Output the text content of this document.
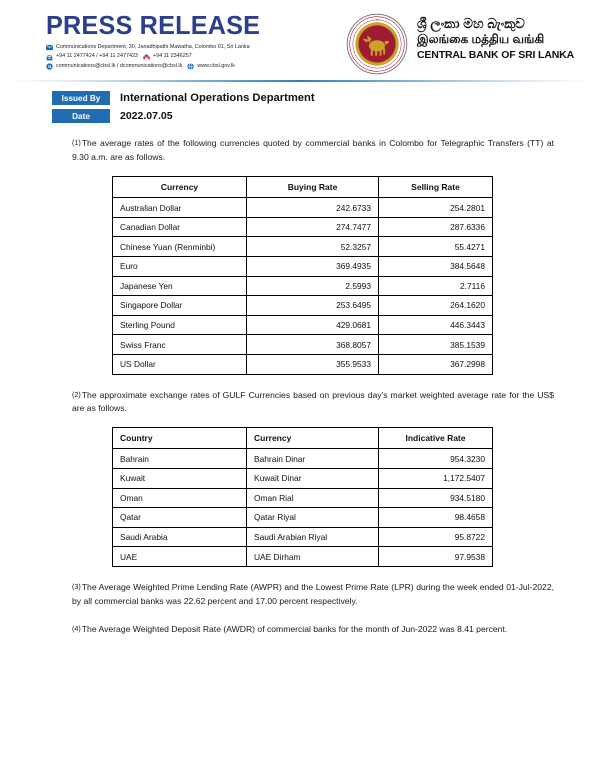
PRESS RELEASE
Communications Department, 30, Janadhipathi Mawatha, Colombo 01, Sri Lanka
+94 11 2477424 / +94 11 2477423	+94 11 2346257
communications@cbsl.lk / dcommunications@cbsl.lk	www.cbsl.gov.lk
●	ශ්‍රී ලංකා මහ බැංකුව
இலங்கை மத்திய வங்கி
CENTRAL BANK OF SRI LANKA
Issued By	International Operations Department
Date	2022.07.05

(1)The average rates of the following currencies quoted by commercial banks in Colombo for Telegraphic Transfers (TT) at 9.30 a.m. are as follows.

Currency	Buying Rate	Selling Rate
Australian Dollar	242.6733	254.2801
Canadian Dollar	274.7477	287.6336
Chinese Yuan (Renminbi)	52.3257	55.4271
Euro	369.4935	384.5648
Japanese Yen	2.5993	2.7116
Singapore Dollar	253.6495	264.1620
Sterling Pound	429.0681	446.3443
Swiss Franc	368.8057	385.1539
US Dollar	355.9533	367.2998

(2)The approximate exchange rates of GULF Currencies based on previous day's market weighted average rate for the US$ are as follows.

Country	Currency	Indicative Rate
Bahrain	Bahrain Dinar	954.3230
Kuwait	Kuwait Dinar	1,172.5407
Oman	Oman Rial	934.5180
Qatar	Qatar Riyal	98.4658
Saudi Arabia	Saudi Arabian Riyal	95.8722
UAE	UAE Dirham	97.9538

(3)The Average Weighted Prime Lending Rate (AWPR) and the Lowest Prime Rate (LPR) during the week ended 01-Jul-2022, by all commercial banks was 22.62 percent and 17.00 percent respectively.

(4)The Average Weighted Deposit Rate (AWDR) of commercial banks for the month of Jun-2022 was 8.41 percent.
